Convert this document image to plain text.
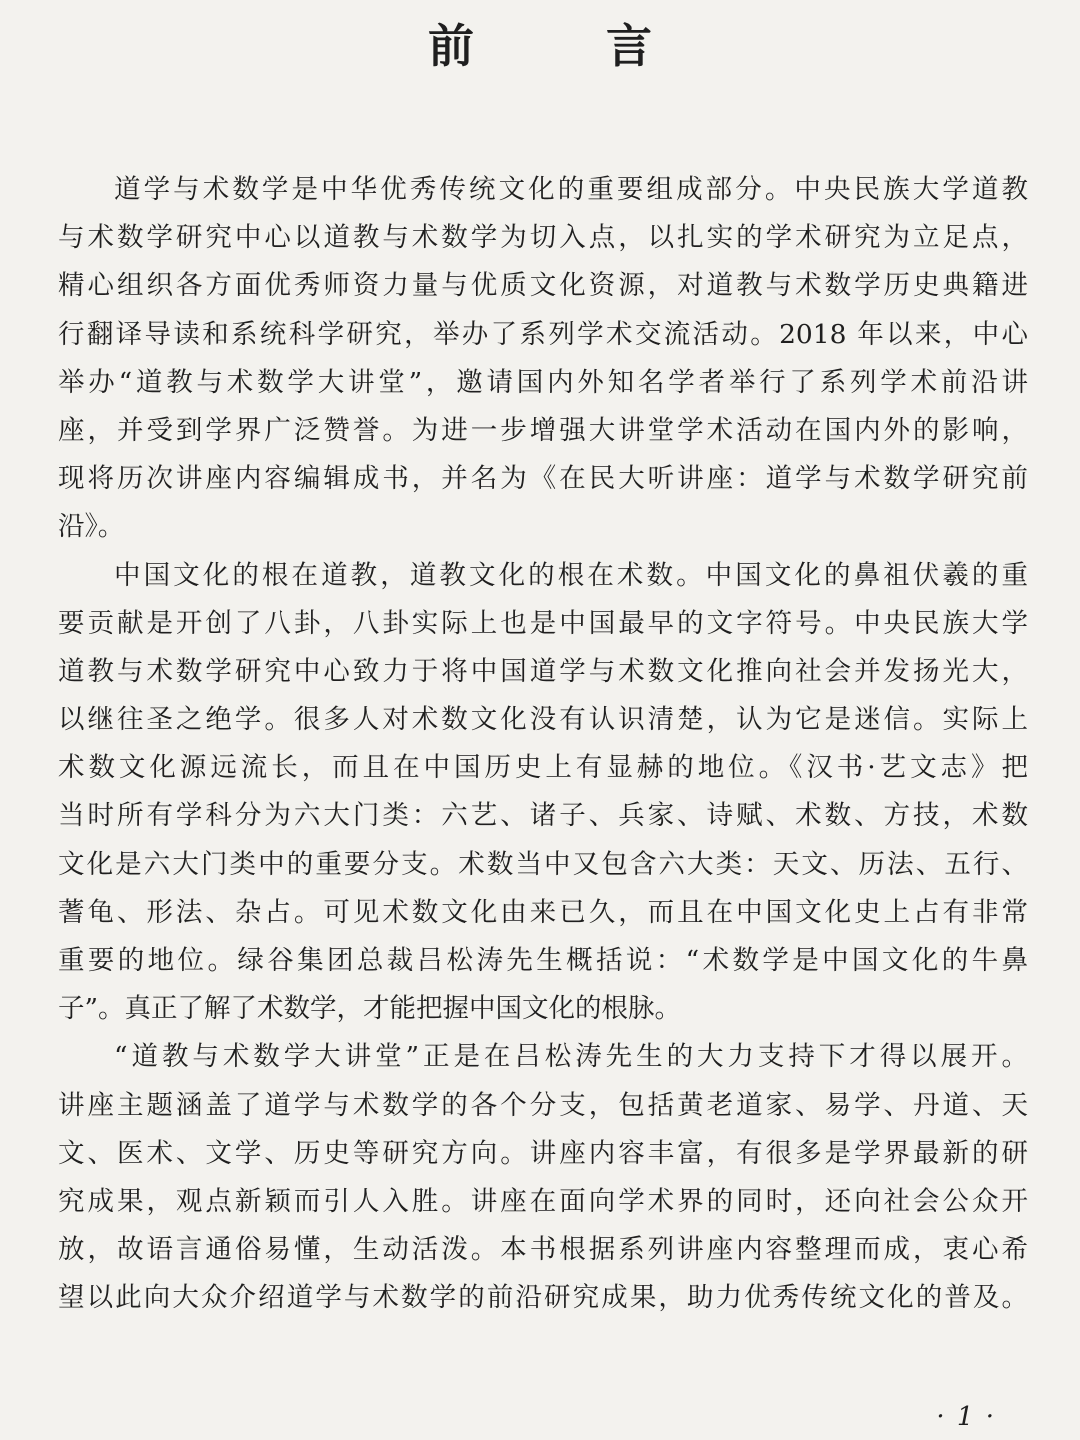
前 言
道学与术数学是中华优秀传统文化的重要组成部分。中央民族大学道教
与术数学研究中心以道教与术数学为切入点，以扎实的学术研究为立足点，
精心组织各方面优秀师资力量与优质文化资源，对道教与术数学历史典籍进
行翻译导读和系统科学研究，举办了系列学术交流活动。2018 年以来，中心
举办“道教与术数学大讲堂”，邀请国内外知名学者举行了系列学术前沿讲
座，并受到学界广泛赞誉。为进一步增强大讲堂学术活动在国内外的影响，
现将历次讲座内容编辑成书，并名为《在民大听讲座：道学与术数学研究前
沿》。
中国文化的根在道教，道教文化的根在术数。中国文化的鼻祖伏羲的重
要贡献是开创了八卦，八卦实际上也是中国最早的文字符号。中央民族大学
道教与术数学研究中心致力于将中国道学与术数文化推向社会并发扬光大，
以继往圣之绝学。很多人对术数文化没有认识清楚，认为它是迷信。实际上
术数文化源远流长，而且在中国历史上有显赫的地位。《汉书·艺文志》把
当时所有学科分为六大门类：六艺、诸子、兵家、诗赋、术数、方技，术数
文化是六大门类中的重要分支。术数当中又包含六大类：天文、历法、五行、
蓍龟、形法、杂占。可见术数文化由来已久，而且在中国文化史上占有非常
重要的地位。绿谷集团总裁吕松涛先生概括说：“术数学是中国文化的牛鼻
子”。真正了解了术数学，才能把握中国文化的根脉。
“道教与术数学大讲堂”正是在吕松涛先生的大力支持下才得以展开。
讲座主题涵盖了道学与术数学的各个分支，包括黄老道家、易学、丹道、天
文、医术、文学、历史等研究方向。讲座内容丰富，有很多是学界最新的研
究成果，观点新颖而引人入胜。讲座在面向学术界的同时，还向社会公众开
放，故语言通俗易懂，生动活泼。本书根据系列讲座内容整理而成，衷心希
望以此向大众介绍道学与术数学的前沿研究成果，助力优秀传统文化的普及。
· 1 ·
